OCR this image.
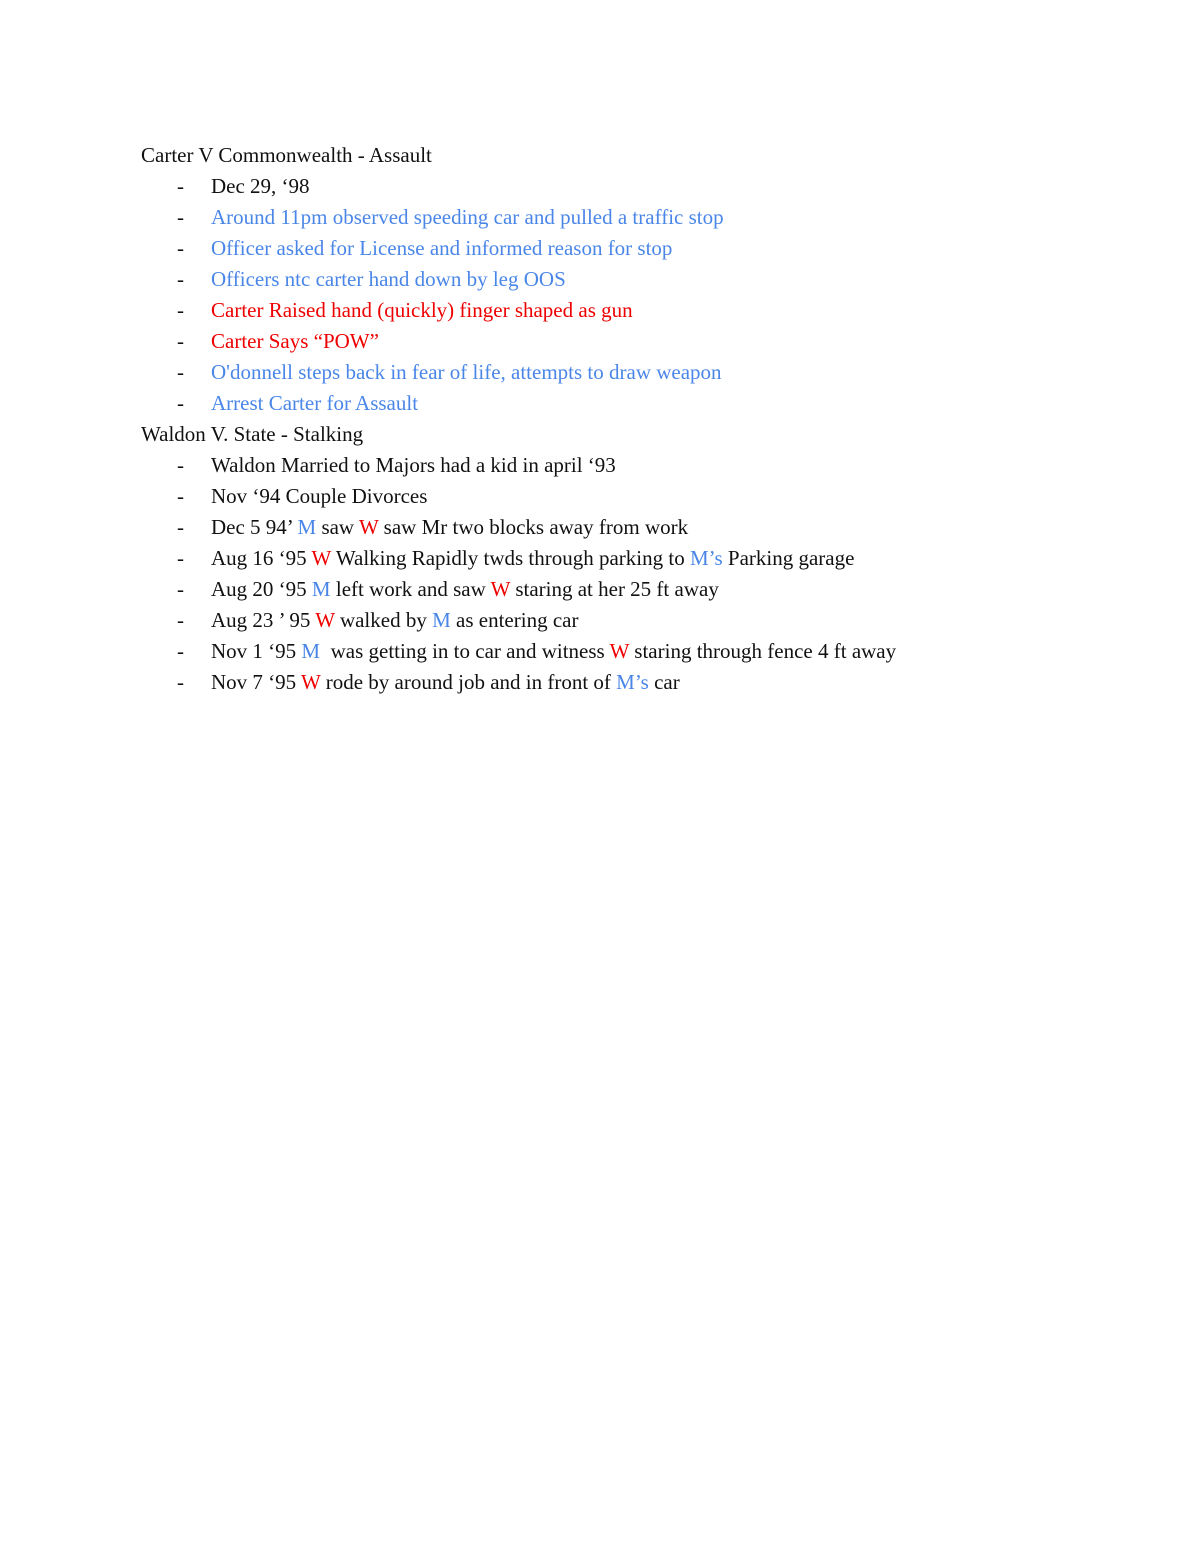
Carter V Commonwealth - Assault
- Dec 29, ‘98
- Around 11pm observed speeding car and pulled a traffic stop
- Officer asked for License and informed reason for stop
- Officers ntc carter hand down by leg OOS
- Carter Raised hand (quickly) finger shaped as gun
- Carter Says “POW”
- O'donnell steps back in fear of life, attempts to draw weapon
- Arrest Carter for Assault
Waldon V. State - Stalking
- Waldon Married to Majors had a kid in april ‘93
- Nov ‘94 Couple Divorces
- Dec 5 94’ M saw W saw Mr two blocks away from work
- Aug 16 ‘95 W Walking Rapidly twds through parking to M’s Parking garage
- Aug 20 ‘95 M left work and saw W staring at her 25 ft away
- Aug 23 ’ 95 W walked by M as entering car
- Nov 1 ‘95 M  was getting in to car and witness W staring through fence 4 ft away
- Nov 7 ‘95 W rode by around job and in front of M’s car
